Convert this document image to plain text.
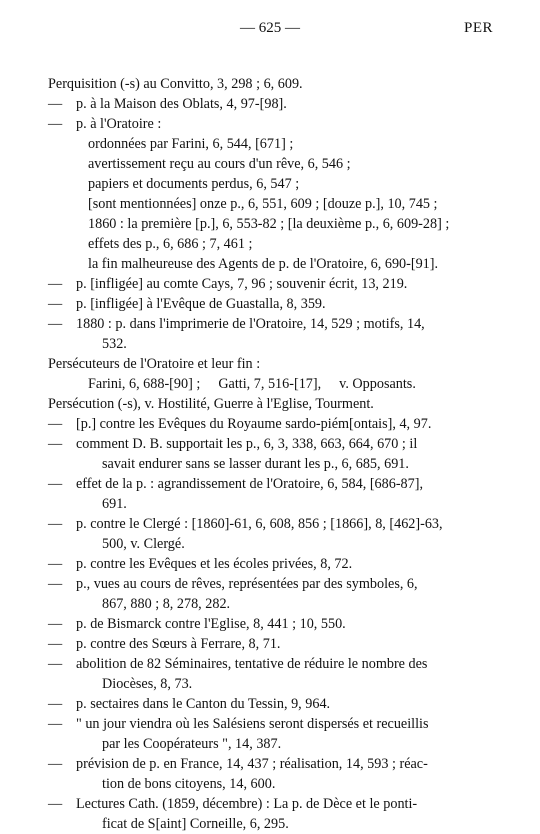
— 625 —	PER
Perquisition (-s) au Convitto, 3, 298 ; 6, 609.
— p. à la Maison des Oblats, 4, 97-[98].
— p. à l'Oratoire :
ordonnées par Farini, 6, 544, [671] ;
avertissement reçu au cours d'un rêve, 6, 546 ;
papiers et documents perdus, 6, 547 ;
[sont mentionnées] onze p., 6, 551, 609 ; [douze p.], 10, 745 ;
1860 : la première [p.], 6, 553-82 ; [la deuxième p., 6, 609-28] ;
effets des p., 6, 686 ; 7, 461 ;
la fin malheureuse des Agents de p. de l'Oratoire, 6, 690-[91].
— p. [infligée] au comte Cays, 7, 96 ; souvenir écrit, 13, 219.
— p. [infligée] à l'Evêque de Guastalla, 8, 359.
— 1880 : p. dans l'imprimerie de l'Oratoire, 14, 529 ; motifs, 14,
532.
Persécuteurs de l'Oratoire et leur fin :
Farini, 6, 688-[90] ; Gatti, 7, 516-[17], v. Opposants.
Persécution (-s), v. Hostilité, Guerre à l'Eglise, Tourment.
— [p.] contre les Evêques du Royaume sardo-piém[ontais], 4, 97.
— comment D. B. supportait les p., 6, 3, 338, 663, 664, 670 ; il
savait endurer sans se lasser durant les p., 6, 685, 691.
— effet de la p. : agrandissement de l'Oratoire, 6, 584, [686-87],
691.
— p. contre le Clergé : [1860]-61, 6, 608, 856 ; [1866], 8, [462]-63,
500, v. Clergé.
— p. contre les Evêques et les écoles privées, 8, 72.
— p., vues au cours de rêves, représentées par des symboles, 6,
867, 880 ; 8, 278, 282.
— p. de Bismarck contre l'Eglise, 8, 441 ; 10, 550.
— p. contre des Sœurs à Ferrare, 8, 71.
— abolition de 82 Séminaires, tentative de réduire le nombre des
Diocèses, 8, 73.
— p. sectaires dans le Canton du Tessin, 9, 964.
— " un jour viendra où les Salésiens seront dispersés et recueillis
par les Coopérateurs ", 14, 387.
— prévision de p. en France, 14, 437 ; réalisation, 14, 593 ; réac-
tion de bons citoyens, 14, 600.
— Lectures Cath. (1859, décembre) : La p. de Dèce et le ponti-
ficat de S[aint] Corneille, 6, 295.
